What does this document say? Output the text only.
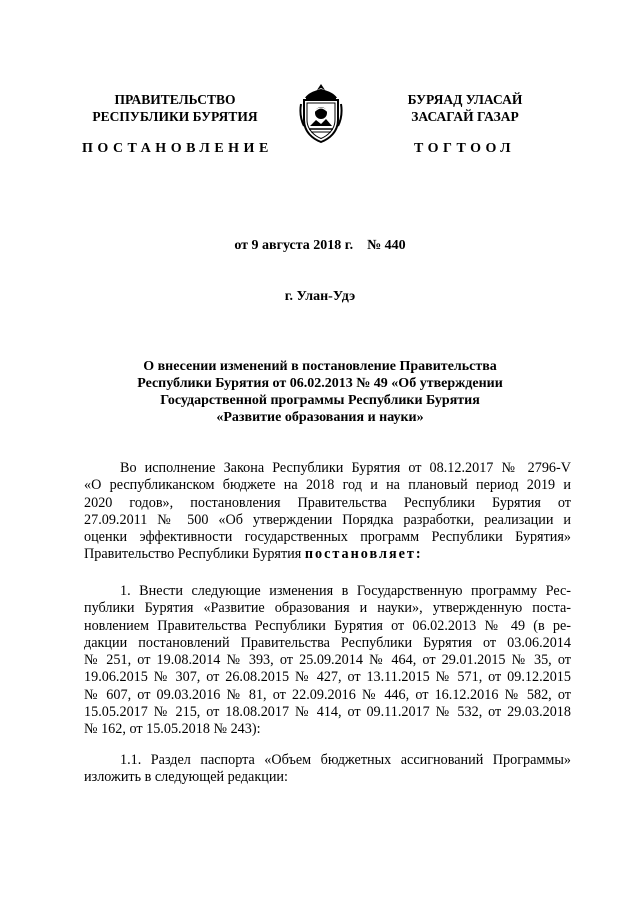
ПРАВИТЕЛЬСТВО
РЕСПУБЛИКИ БУРЯТИЯ
БУРЯАД УЛАСАЙ
ЗАСАГАЙ ГАЗАР
ПОСТАНОВЛЕНИЕ	ТОГТООЛ
от 9 августа 2018 г. № 440
г. Улан-Удэ
О внесении изменений в постановление Правительства
Республики Бурятия от 06.02.2013 № 49 «Об утверждении
Государственной программы Республики Бурятия
«Развитие образования и науки»
Во исполнение Закона Республики Бурятия от 08.12.2017 № 2796-V
«О республиканском бюджете на 2018 год и на плановый период 2019 и
2020 годов», постановления Правительства Республики Бурятия от
27.09.2011 № 500 «Об утверждении Порядка разработки, реализации и
оценки эффективности государственных программ Республики Бурятия»
Правительство Республики Бурятия постановляет:
1. Внести следующие изменения в Государственную программу Рес-
публики Бурятия «Развитие образования и науки», утвержденную поста-
новлением Правительства Республики Бурятия от 06.02.2013 № 49 (в ре-
дакции постановлений Правительства Республики Бурятия от 03.06.2014
№ 251, от 19.08.2014 № 393, от 25.09.2014 № 464, от 29.01.2015 № 35, от
19.06.2015 № 307, от 26.08.2015 № 427, от 13.11.2015 № 571, от 09.12.2015
№ 607, от 09.03.2016 № 81, от 22.09.2016 № 446, от 16.12.2016 № 582, от
15.05.2017 № 215, от 18.08.2017 № 414, от 09.11.2017 № 532, от 29.03.2018
№ 162, от 15.05.2018 № 243):
1.1. Раздел паспорта «Объем бюджетных ассигнований Программы»
изложить в следующей редакции:
